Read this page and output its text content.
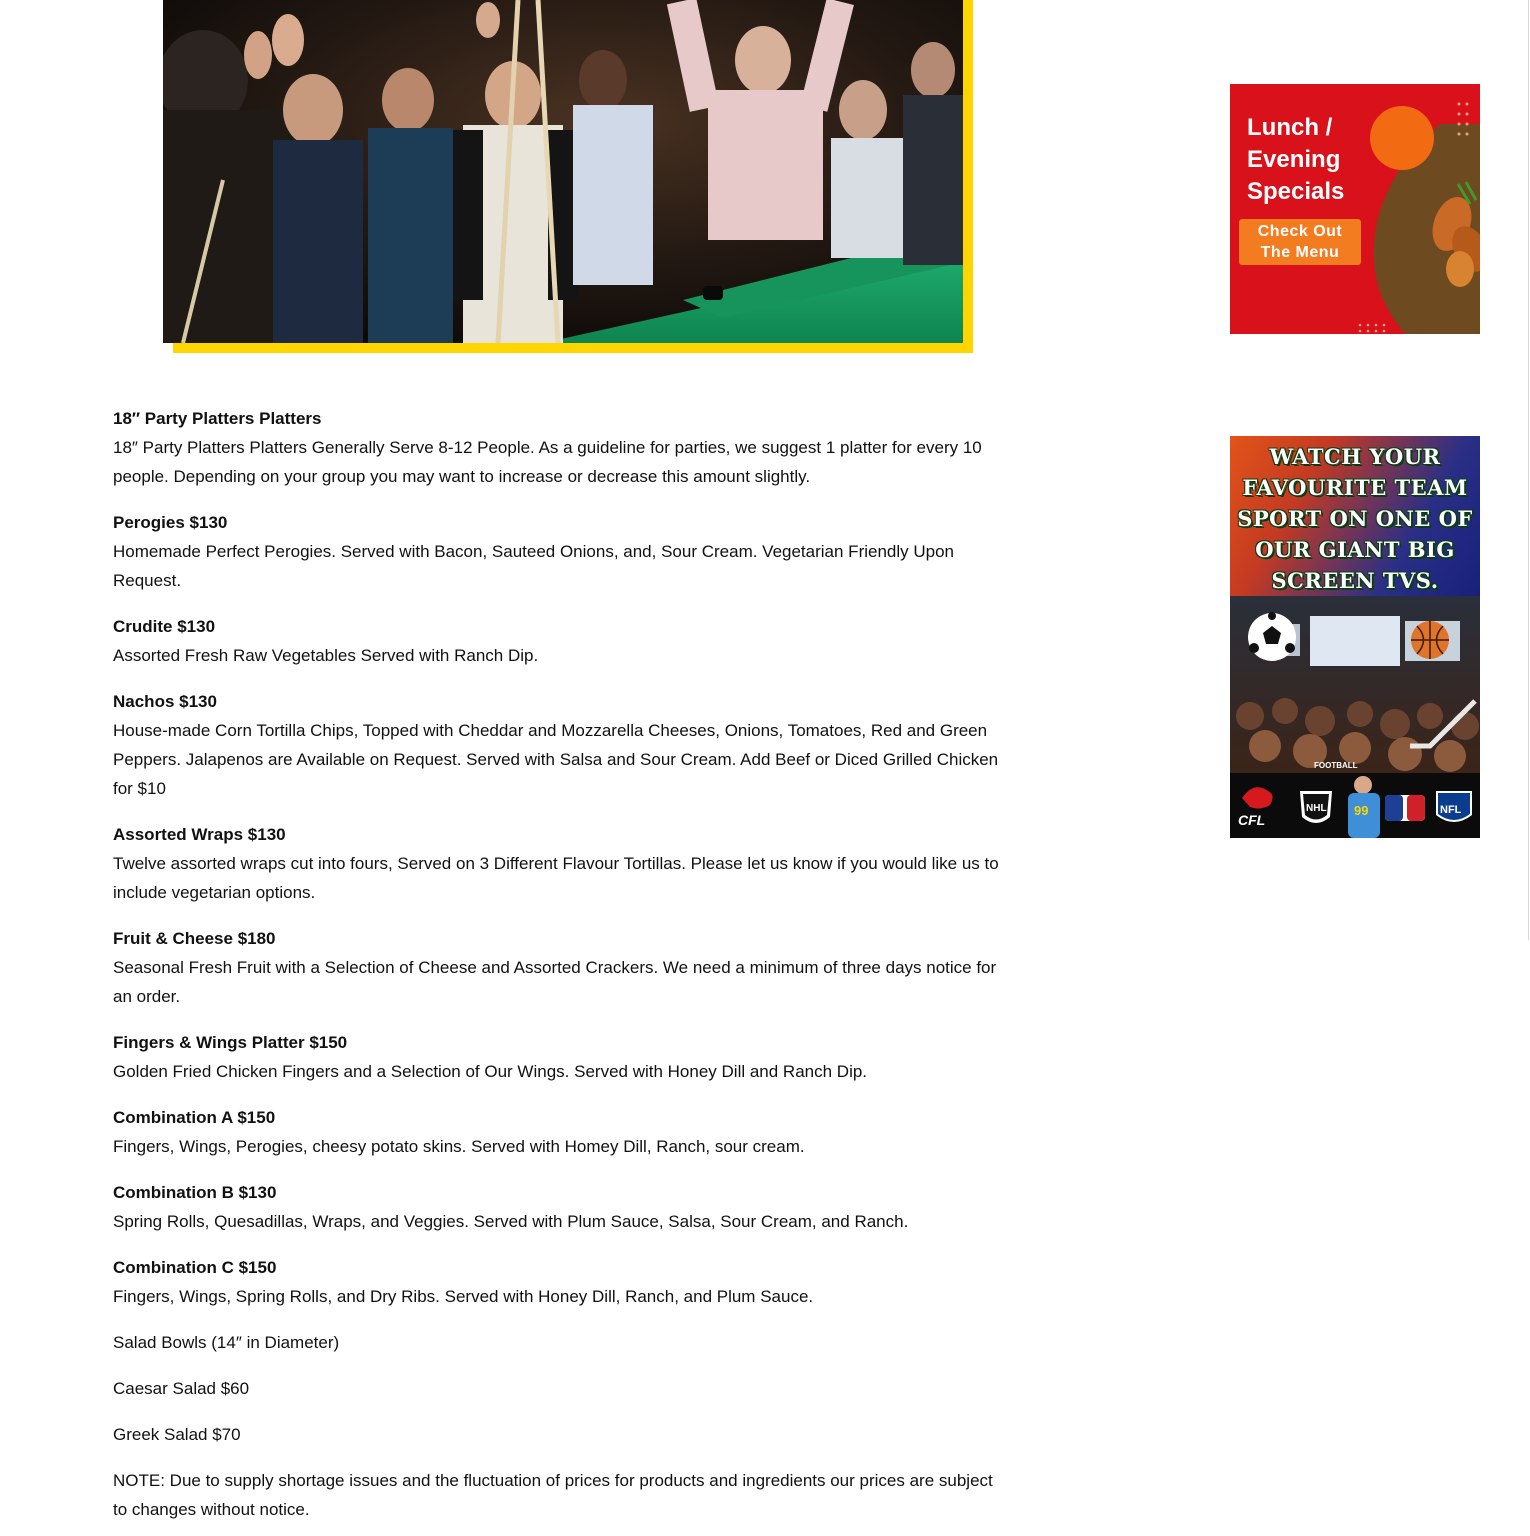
18″ Party Platters Platters
18″ Party Platters Platters Generally Serve 8-12 People. As a guideline for parties, we suggest 1 platter for every 10 people. Depending on your group you may want to increase or decrease this amount slightly.
Perogies $130
Homemade Perfect Perogies. Served with Bacon, Sauteed Onions, and, Sour Cream. Vegetarian Friendly Upon Request.
Crudite $130
Assorted Fresh Raw Vegetables Served with Ranch Dip.
Nachos $130
House-made Corn Tortilla Chips, Topped with Cheddar and Mozzarella Cheeses, Onions, Tomatoes, Red and Green Peppers. Jalapenos are Available on Request. Served with Salsa and Sour Cream. Add Beef or Diced Grilled Chicken for $10
Assorted Wraps $130
Twelve assorted wraps cut into fours, Served on 3 Different Flavour Tortillas. Please let us know if you would like us to include vegetarian options.
Fruit & Cheese $180
Seasonal Fresh Fruit with a Selection of Cheese and Assorted Crackers. We need a minimum of three days notice for an order.
Fingers & Wings Platter $150
Golden Fried Chicken Fingers and a Selection of Our Wings. Served with Honey Dill and Ranch Dip.
Combination A $150
Fingers, Wings, Perogies, cheesy potato skins. Served with Homey Dill, Ranch, sour cream.
Combination B $130
Spring Rolls, Quesadillas, Wraps, and Veggies. Served with Plum Sauce, Salsa, Sour Cream, and Ranch.
Combination C $150
Fingers, Wings, Spring Rolls, and Dry Ribs. Served with Honey Dill, Ranch, and Plum Sauce.
Salad Bowls (14″ in Diameter)
Caesar Salad $60
Greek Salad $70
NOTE: Due to supply shortage issues and the fluctuation of prices for products and ingredients our prices are subject to changes without notice.
Lunch /
Evening
Specials
Check Out
The Menu
WATCH YOUR
FAVOURITE TEAM
SPORT ON ONE OF
OUR GIANT BIG
SCREEN TVS.
FOOTBALL
CFL
NHL 99
MLB
NFL
